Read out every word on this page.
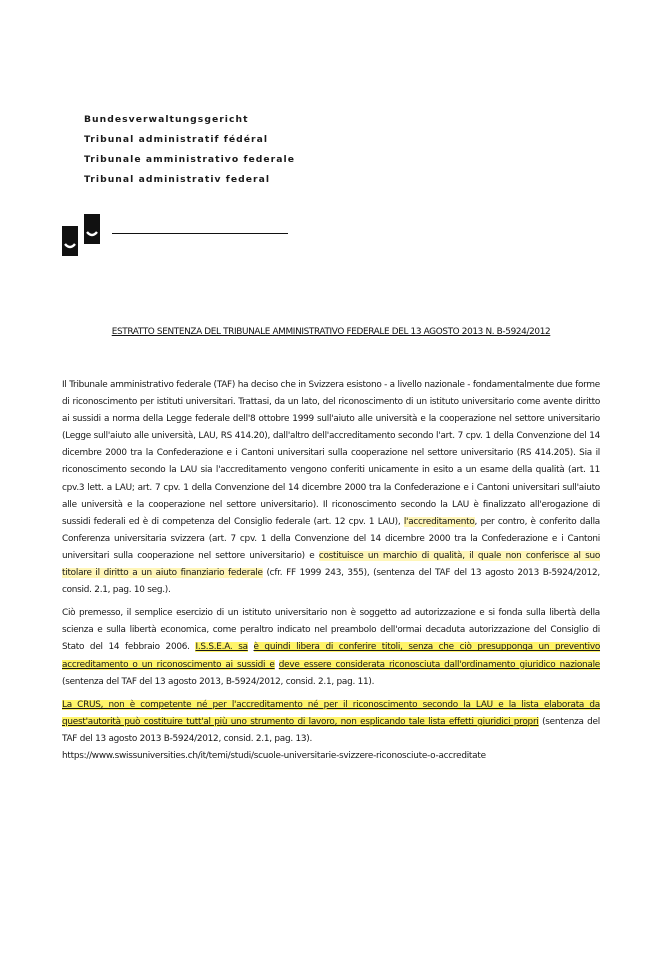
Bundesverwaltungsgericht
Tribunal administratif fédéral
Tribunale amministrativo federale
Tribunal administrativ federal
ESTRATTO SENTENZA DEL TRIBUNALE AMMINISTRATIVO FEDERALE DEL 13 AGOSTO 2013 N. B-5924/2012

Il Tribunale amministrativo federale (TAF) ha deciso che in Svizzera esistono - a livello nazionale - fondamentalmente due forme di riconoscimento per istituti universitari. Trattasi, da un lato, del riconoscimento di un istituto universitario come avente diritto ai sussidi a norma della Legge federale dell'8 ottobre 1999 sull'aiuto alle università e la cooperazione nel settore universitario (Legge sull'aiuto alle università, LAU, RS 414.20), dall'altro dell'accreditamento secondo l'art. 7 cpv. 1 della Convenzione del 14 dicembre 2000 tra la Confederazione e i Cantoni universitari sulla cooperazione nel settore universitario (RS 414.205). Sia il riconoscimento secondo la LAU sia l'accreditamento vengono conferiti unicamente in esito a un esame della qualità (art. 11 cpv.3 lett. a LAU; art. 7 cpv. 1 della Convenzione del 14 dicembre 2000 tra la Confederazione e i Cantoni universitari sull'aiuto alle università e la cooperazione nel settore universitario). Il riconoscimento secondo la LAU è finalizzato all'erogazione di sussidi federali ed è di competenza del Consiglio federale (art. 12 cpv. 1 LAU), l'accreditamento, per contro, è conferito dalla Conferenza universitaria svizzera (art. 7 cpv. 1 della Convenzione del 14 dicembre 2000 tra la Confederazione e i Cantoni universitari sulla cooperazione nel settore universitario) e costituisce un marchio di qualità, il quale non conferisce al suo titolare il diritto a un aiuto finanziario federale (cfr. FF 1999 243, 355), (sentenza del TAF del 13 agosto 2013 B-5924/2012, consid. 2.1, pag. 10 seg.).

Ciò premesso, il semplice esercizio di un istituto universitario non è soggetto ad autorizzazione e si fonda sulla libertà della scienza e sulla libertà economica, come peraltro indicato nel preambolo dell'ormai decaduta autorizzazione del Consiglio di Stato del 14 febbraio 2006. I.S.S.E.A. sa è quindi libera di conferire titoli, senza che ciò presupponga un preventivo accreditamento o un riconoscimento ai sussidi e deve essere considerata riconosciuta dall'ordinamento giuridico nazionale (sentenza del TAF del 13 agosto 2013, B-5924/2012, consid. 2.1, pag. 11).

La CRUS, non è competente né per l'accreditamento né per il riconoscimento secondo la LAU e la lista elaborata da quest'autorità può costituire tutt'al più uno strumento di lavoro, non esplicando tale lista effetti giuridici propri (sentenza del TAF del 13 agosto 2013 B-5924/2012, consid. 2.1, pag. 13).
https://www.swissuniversities.ch/it/temi/studi/scuole-universitarie-svizzere-riconosciute-o-accreditate
